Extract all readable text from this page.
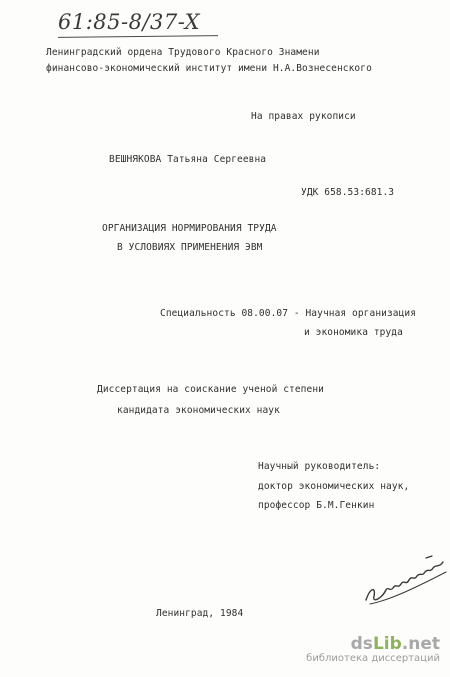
61:85-8/37-X
Ленинградский ордена Трудового Красного Знамени
финансово-экономический институт имени Н.А.Вознесенского
На правах рукописи
ВЕШНЯКОВА Татьяна Сергеевна
УДК 658.53:681.3
ОРГАНИЗАЦИЯ НОРМИРОВАНИЯ ТРУДА
В УСЛОВИЯХ ПРИМЕНЕНИЯ ЭВМ
Специальность 08.00.07 - Научная организация
и экономика труда
Диссертация на соискание ученой степени
кандидата экономических наук
Научный руководитель:
доктор экономических наук,
профессор Б.М.Генкин
Ленинград, 1984
dsLib.net
библиотека диссертаций
